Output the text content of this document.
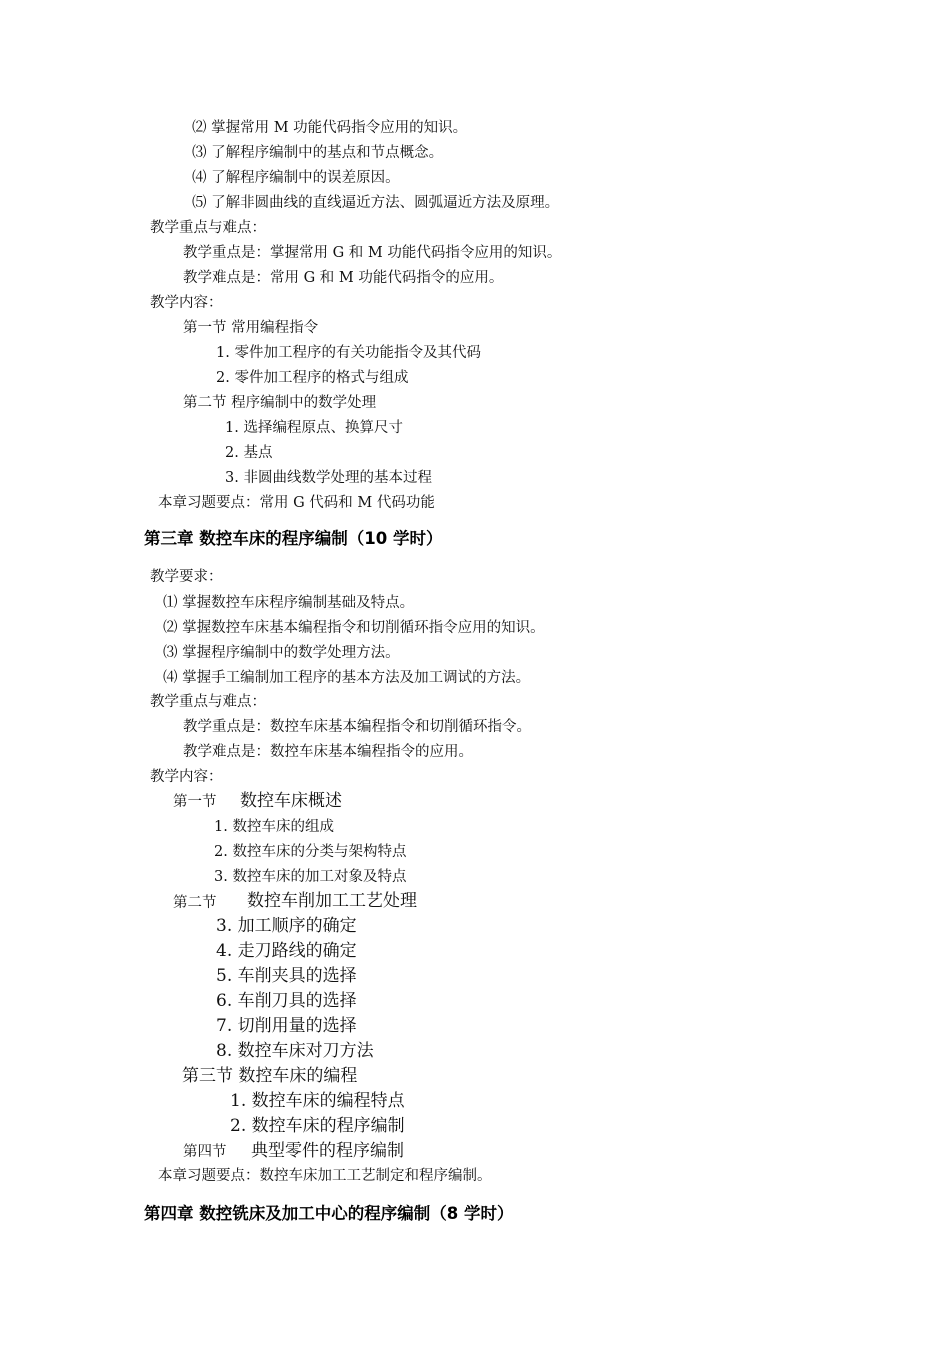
⑵ 掌握常用 M 功能代码指令应用的知识。
⑶ 了解程序编制中的基点和节点概念。
⑷ 了解程序编制中的误差原因。
⑸ 了解非圆曲线的直线逼近方法、圆弧逼近方法及原理。
教学重点与难点：
教学重点是：掌握常用 G 和 M 功能代码指令应用的知识。
教学难点是：常用 G 和 M 功能代码指令的应用。
教学内容：
第一节 常用编程指令
1. 零件加工程序的有关功能指令及其代码
2. 零件加工程序的格式与组成
第二节 程序编制中的数学处理
1. 选择编程原点、换算尺寸
2. 基点
3. 非圆曲线数学处理的基本过程
本章习题要点：常用 G 代码和 M 代码功能
第三章 数控车床的程序编制（10 学时）
教学要求：
⑴ 掌握数控车床程序编制基础及特点。
⑵ 掌握数控车床基本编程指令和切削循环指令应用的知识。
⑶ 掌握程序编制中的数学处理方法。
⑷ 掌握手工编制加工程序的基本方法及加工调试的方法。
教学重点与难点：
教学重点是：数控车床基本编程指令和切削循环指令。
教学难点是：数控车床基本编程指令的应用。
教学内容：
第一节 数控车床概述
1. 数控车床的组成
2. 数控车床的分类与架构特点
3. 数控车床的加工对象及特点
第二节 数控车削加工工艺处理
3. 加工顺序的确定
4. 走刀路线的确定
5. 车削夹具的选择
6. 车削刀具的选择
7. 切削用量的选择
8. 数控车床对刀方法
第三节 数控车床的编程
1. 数控车床的编程特点
2. 数控车床的程序编制
第四节 典型零件的程序编制
本章习题要点：数控车床加工工艺制定和程序编制。
第四章 数控铣床及加工中心的程序编制（8 学时）
